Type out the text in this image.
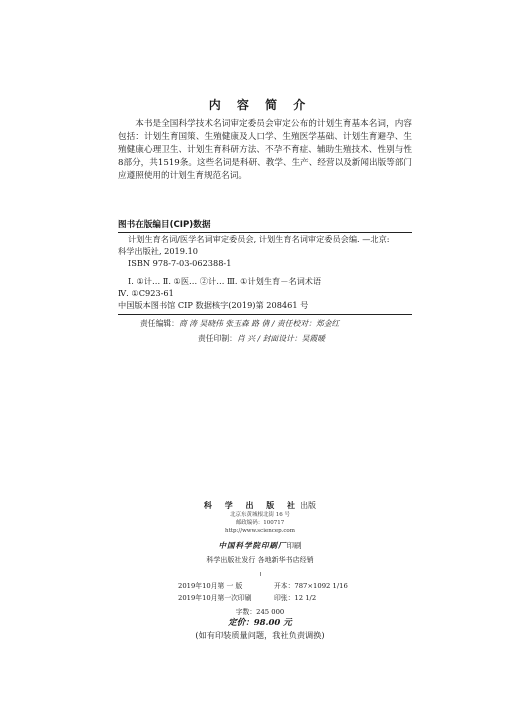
内 容 简 介

本书是全国科学技术名词审定委员会审定公布的计划生育基本名词，内容包括：计划生育国策、生殖健康及人口学、生殖医学基础、计划生育避孕、生殖健康心理卫生、计划生育科研方法、不孕不育症、辅助生殖技术、性别与性8部分，共1519条。这些名词是科研、教学、生产、经营以及新闻出版等部门应遵照使用的计划生育规范名词。

图书在版编目(CIP)数据
计划生育名词/医学名词审定委员会, 计划生育名词审定委员会编. —北京:
科学出版社, 2019.10
ISBN 978-7-03-062388-1
Ⅰ. ①计… Ⅱ. ①医… ②计… Ⅲ. ①计划生育－名词术语
Ⅳ. ①C923-61
中国版本图书馆 CIP 数据核字(2019)第 208461 号
责任编辑：商 涛 吴晓伟 张玉森 路 倩 / 责任校对：郑金红
责任印制：肖 兴 / 封面设计：吴霞暖
科 学 出 版 社出版
北京东黄城根北街 16 号
邮政编码：100717
http://www.sciencep.com
中国科学院印刷厂印刷
科学出版社发行 各地新华书店经销
2019年10月第 一 版	开本：787×1092 1/16
2019年10月第一次印刷	印张：12 1/2
字数：245 000
定价：98.00 元
(如有印装质量问题，我社负责调换)
